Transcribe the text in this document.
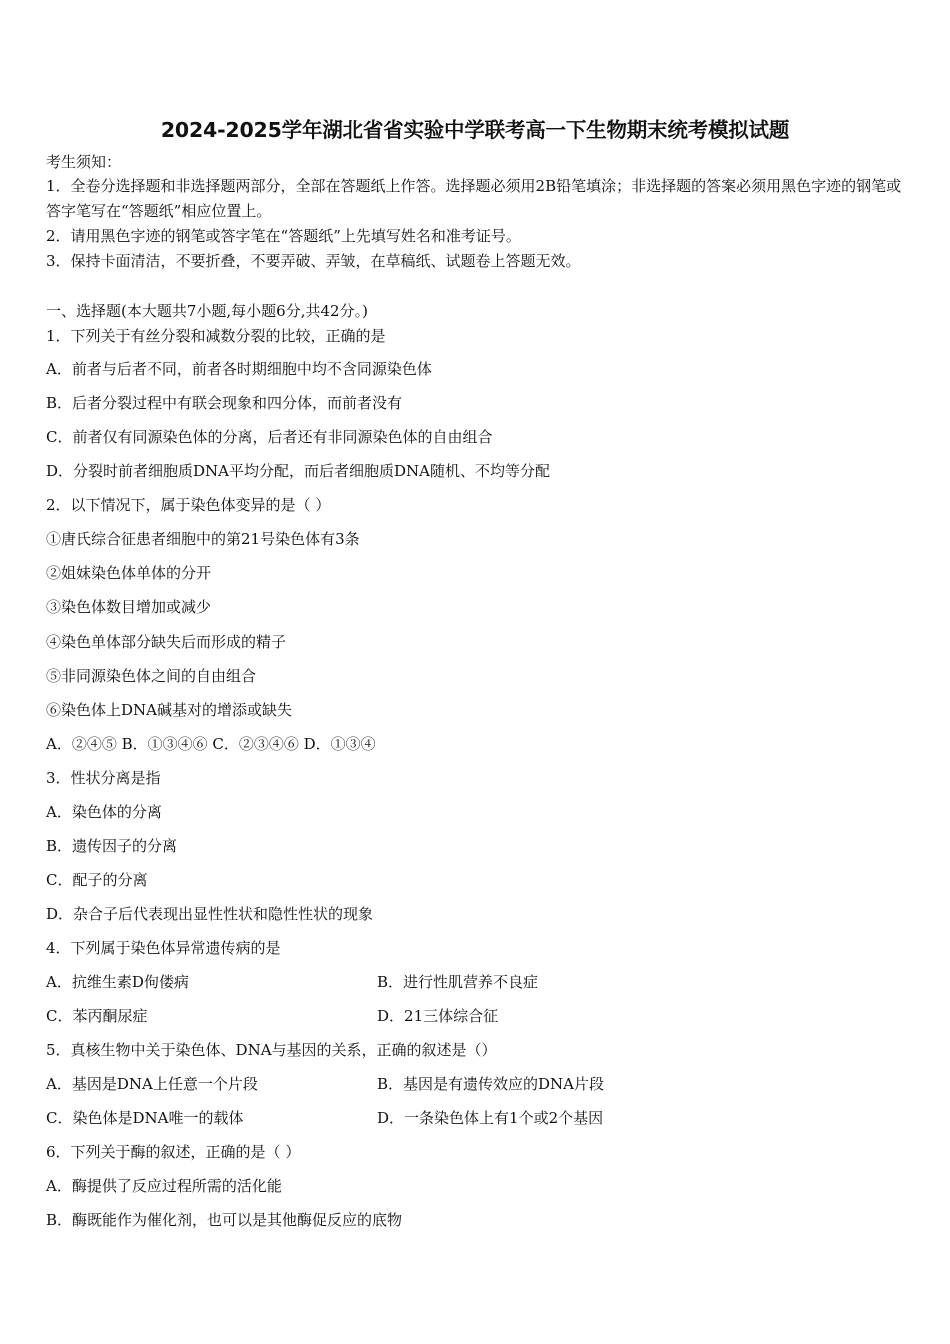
2024-2025学年湖北省省实验中学联考高一下生物期末统考模拟试题
考生须知：
1．全卷分选择题和非选择题两部分，全部在答题纸上作答。选择题必须用2B铅笔填涂；非选择题的答案必须用黑色字迹的钢笔或答字笔写在“答题纸”相应位置上。
2．请用黑色字迹的钢笔或答字笔在“答题纸”上先填写姓名和准考证号。
3．保持卡面清洁，不要折叠，不要弄破、弄皱，在草稿纸、试题卷上答题无效。
一、选择题(本大题共7小题,每小题6分,共42分。)
1．下列关于有丝分裂和减数分裂的比较，正确的是
A．前者与后者不同，前者各时期细胞中均不含同源染色体
B．后者分裂过程中有联会现象和四分体，而前者没有
C．前者仅有同源染色体的分离，后者还有非同源染色体的自由组合
D．分裂时前者细胞质DNA平均分配，而后者细胞质DNA随机、不均等分配
2．以下情况下，属于染色体变异的是（ ）
①唐氏综合征患者细胞中的第21号染色体有3条
②姐妹染色体单体的分开
③染色体数目增加或减少
④染色单体部分缺失后而形成的精子
⑤非同源染色体之间的自由组合
⑥染色体上DNA碱基对的增添或缺失
A．②④⑤ B．①③④⑥ C．②③④⑥ D．①③④
3．性状分离是指
A．染色体的分离
B．遗传因子的分离
C．配子的分离
D．杂合子后代表现出显性性状和隐性性状的现象
4．下列属于染色体异常遗传病的是
A．抗维生素D佝偻病	B．进行性肌营养不良症
C．苯丙酮尿症	D．21三体综合征
5．真核生物中关于染色体、DNA与基因的关系，正确的叙述是（）
A．基因是DNA上任意一个片段	B．基因是有遗传效应的DNA片段
C．染色体是DNA唯一的载体	D．一条染色体上有1个或2个基因
6．下列关于酶的叙述，正确的是（ ）
A．酶提供了反应过程所需的活化能
B．酶既能作为催化剂，也可以是其他酶促反应的底物
